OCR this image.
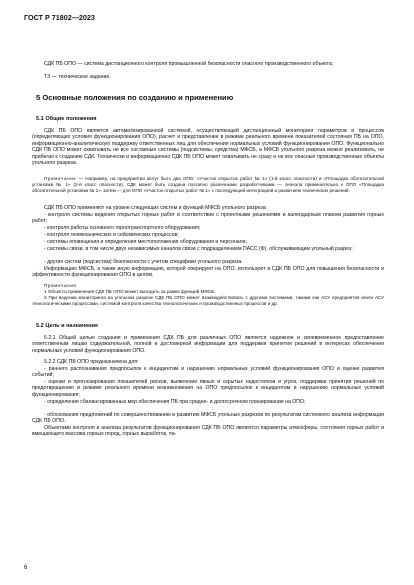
ГОСТ Р 71802—2023
СДК ПБ ОПО — система дистанционного контроля промышленной безопасности опасного производственного объекта;
ТЗ — техническое задание.
5 Основные положения по созданию и применению
5.1 Общие положения
СДК ПБ ОПО является автоматизированной системой, осуществляющей дистанционный мониторинг параметров и процессов (определяющих условия функционирования ОПО), расчет и представление в режиме реального времени показателей состояния ПБ на ОПО, информационно-аналитическую поддержку ответственных лиц для обеспечения нормальных условий функционирования ОПО. Функционально СДК ПБ ОПО может охватывать не все составные системы (подсистемы, средства) МФСБ, а МФСБ угольного разреза можно реализовать, не прибегая к созданию СДК. Технически и информационно СДК ПБ ОПО может охватывать не сразу и не все опасные производственные объекты угольного разреза.
Примечание — Например, на предприятии могут быть два ОПО: «Участок открытых работ № 1» (1-й класс опасности) и «Площадка обогатительной установки № 1» (2-й класс опасности). СДК может быть создана поэтапно различными разработчиками — сначала применительно к ОПО «Площадка обогатительной установки № 1», затем — для ОПО «Участок открытых работ № 1» с последующей интеграцией и развитием технических решений.
СДК ПБ ОПО применяют на уровне следующих систем и функций МФСБ угольного разреза:
- контроля системы ведения открытых горных работ в соответствии с проектными решениями и календарным планом развития горных работ;
- контроля работы основного горнотранспортного оборудования;
- контроля геомеханических и сейсмических процессов;
- системы оповещения и определения местоположения оборудования и персонала;
- системы связи, в том числе двух независимых каналов связи с подразделением ПАСС (Ф), обслуживающим угольный разрез;
- других систем (подсистем) безопасности с учетом специфики угольного разреза.
Информацию МФСБ, а также иную информацию, которой оперируют на ОПО, используют в СДК ПБ ОПО для повышения безопасности и эффективности функционирования ОПО в целом.
Примечания
1 Объекты применения СДК ПБ ОПО может выходить за рамки функций МФСБ.
2 При ведении мониторинга на угольном разрезе СДК ПБ ОПО может взаимодействовать с другими системами, такими как АСУ предприятия и/или АСУ технологическими процессами, системой контроля качества технологических и производственных процессов и др.
5.2 Цель и назначение
5.2.1 Общей целью создания и применения СДК ПБ для различных ОПО является надежное и своевременное предоставление ответственным лицам содержательной, полной и достоверной информации для поддержки принятия решений в интересах обеспечения нормальных условий функционирования ОПО.
5.2.2 СДК ПБ ОПО предназначена для:
- раннего распознавания предпосылок к инцидентам и нарушению нормальных условий функционирования ОПО и оценки развития событий;
- оценки и прогнозирования показателей рисков, выявления явных и скрытых недостатков и угроз, поддержки принятия решений по предотвращению в режиме реального времени возникновения на ОПО предпосылок к инцидентам и нарушению нормальных условий функционирования;
- определения сбалансированных мер обеспечения ПБ при средне- и долгосрочном планировании на ОПО;
- обоснования предложений по совершенствованию и развитию МФСБ угольных разрезов по результатам системного анализа информации СДК ПБ ОПО.
Объектами контроля и анализа результатов функционирования СДК ПБ ОПО являются параметры атмосферы, состояния горных работ и вмещающего массива горных пород, горных выработок, па-
6
